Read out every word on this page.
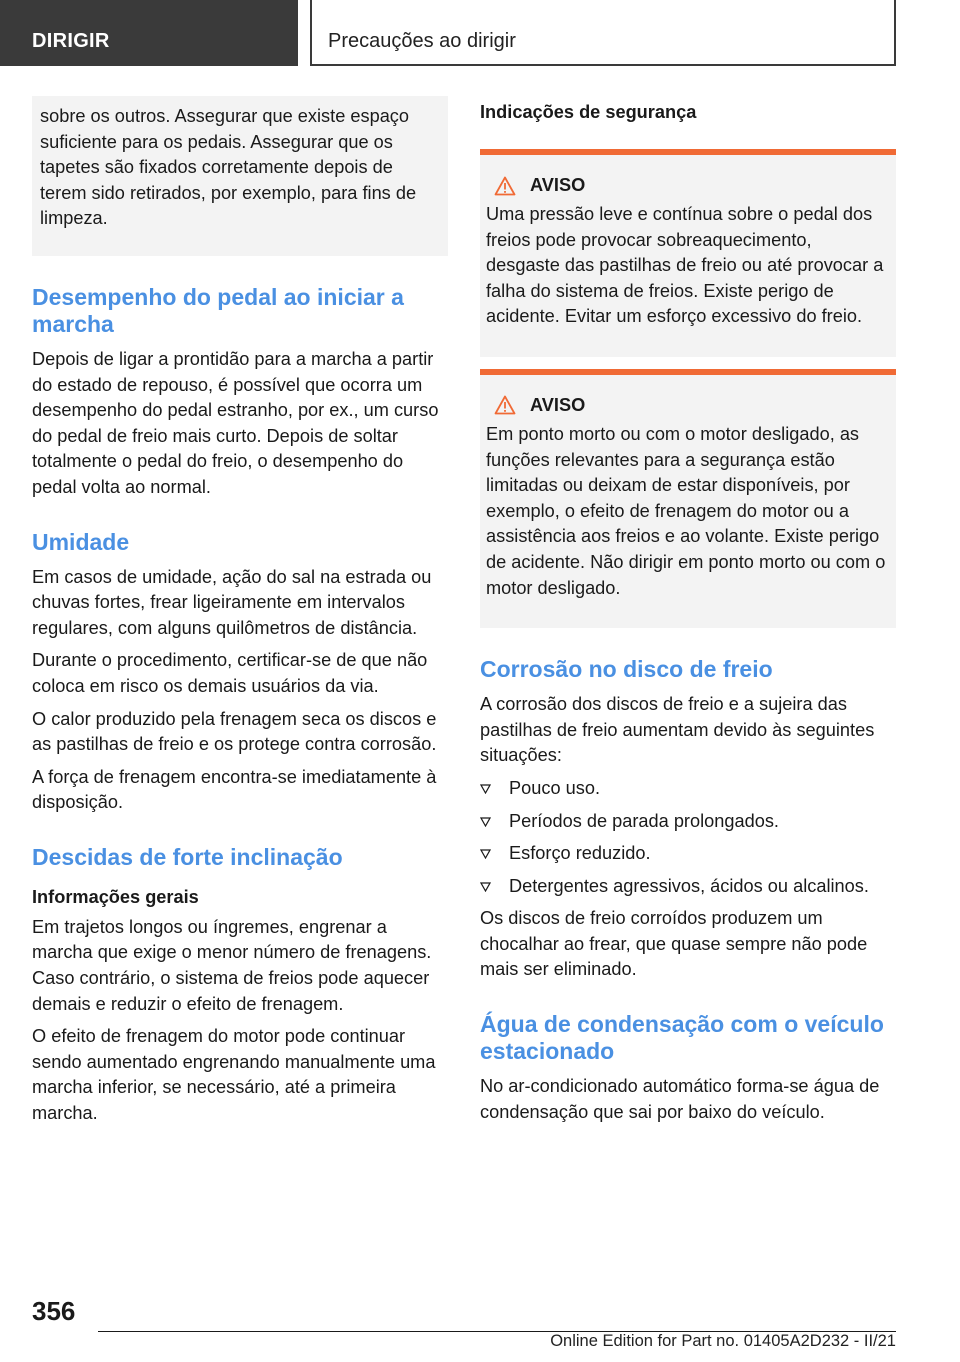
DIRIGIR	Precauções ao dirigir

sobre os outros. Assegurar que existe espaço suficiente para os pedais. Assegurar que os tapetes são fixados corretamente depois de terem sido retirados, por exemplo, para fins de limpeza.

Desempenho do pedal ao iniciar a marcha

Depois de ligar a prontidão para a marcha a partir do estado de repouso, é possível que ocorra um desempenho do pedal estranho, por ex., um curso do pedal de freio mais curto. Depois de soltar totalmente o pedal do freio, o desempenho do pedal volta ao normal.

Umidade

Em casos de umidade, ação do sal na estrada ou chuvas fortes, frear ligeiramente em intervalos regulares, com alguns quilômetros de distância.

Durante o procedimento, certificar-se de que não coloca em risco os demais usuários da via.

O calor produzido pela frenagem seca os discos e as pastilhas de freio e os protege contra corrosão.

A força de frenagem encontra-se imediatamente à disposição.

Descidas de forte inclinação
Informações gerais

Em trajetos longos ou íngremes, engrenar a marcha que exige o menor número de frenagens. Caso contrário, o sistema de freios pode aquecer demais e reduzir o efeito de frenagem.

O efeito de frenagem do motor pode continuar sendo aumentado engrenando manualmente uma marcha inferior, se necessário, até a primeira marcha.

Indicações de segurança
AVISO

Uma pressão leve e contínua sobre o pedal dos freios pode provocar sobreaquecimento, desgaste das pastilhas de freio ou até provocar a falha do sistema de freios. Existe perigo de acidente. Evitar um esforço excessivo do freio.

AVISO

Em ponto morto ou com o motor desligado, as funções relevantes para a segurança estão limitadas ou deixam de estar disponíveis, por exemplo, o efeito de frenagem do motor ou a assistência aos freios e ao volante. Existe perigo de acidente. Não dirigir em ponto morto ou com o motor desligado.

Corrosão no disco de freio

A corrosão dos discos de freio e a sujeira das pastilhas de freio aumentam devido às seguintes situações:

Pouco uso.
Períodos de parada prolongados.
Esforço reduzido.
Detergentes agressivos, ácidos ou alcalinos.

Os discos de freio corroídos produzem um chocalhar ao frear, que quase sempre não pode mais ser eliminado.

Água de condensação com o veículo estacionado

No ar-condicionado automático forma-se água de condensação que sai por baixo do veículo.

356
Online Edition for Part no. 01405A2D232 - II/21
